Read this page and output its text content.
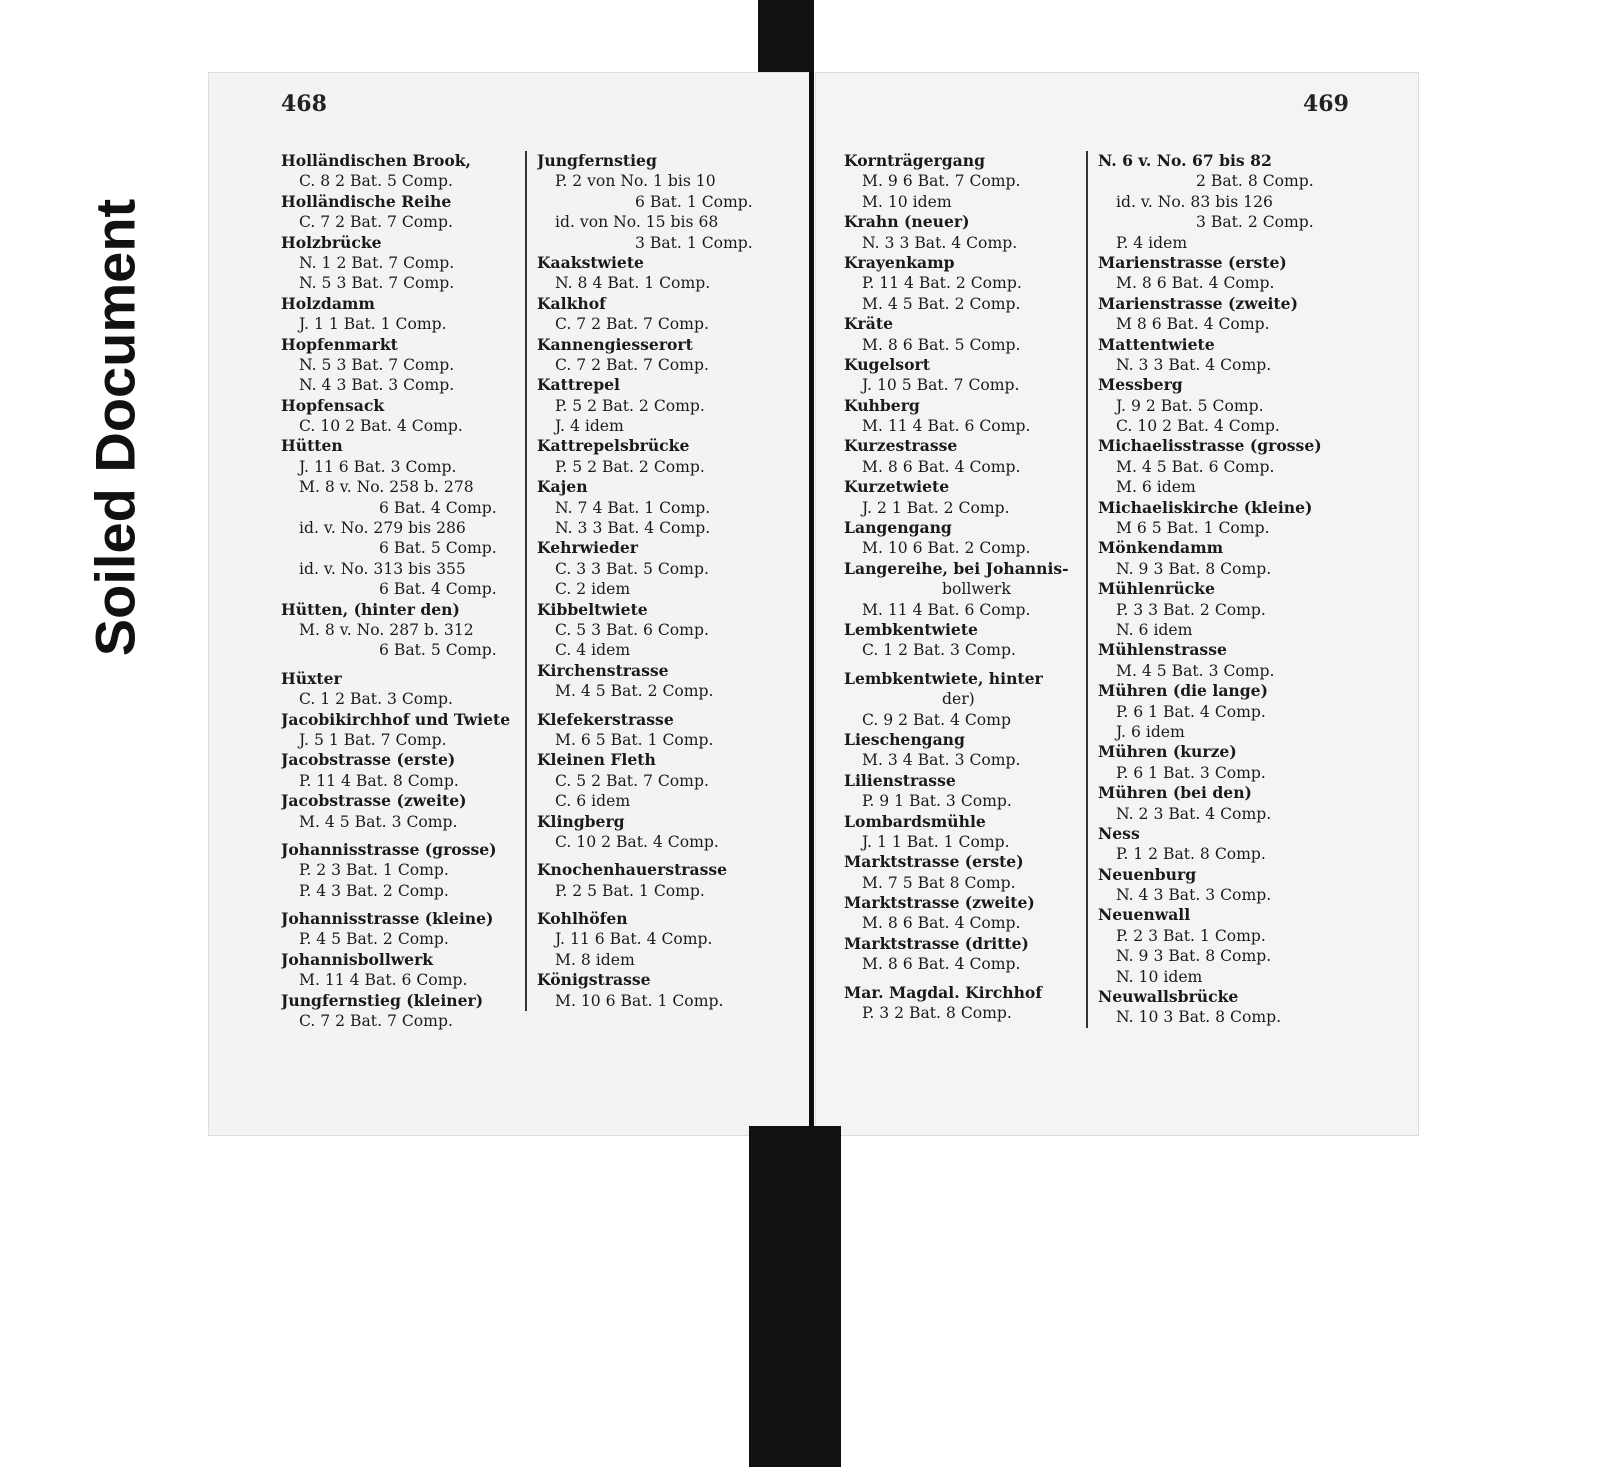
Soiled Document
468
Holländischen Brook,
C. 8 2 Bat. 5 Comp.
Holländische Reihe
C. 7 2 Bat. 7 Comp.
Holzbrücke
N. 1 2 Bat. 7 Comp.
N. 5 3 Bat. 7 Comp.
Holzdamm
J. 1 1 Bat. 1 Comp.
Hopfenmarkt
N. 5 3 Bat. 7 Comp.
N. 4 3 Bat. 3 Comp.
Hopfensack
C. 10 2 Bat. 4 Comp.
Hütten
J. 11 6 Bat. 3 Comp.
M. 8 v. No. 258 b. 278
6 Bat. 4 Comp.
id. v. No. 279 bis 286
6 Bat. 5 Comp.
id. v. No. 313 bis 355
6 Bat. 4 Comp.
Hütten, (hinter den)
M. 8 v. No. 287 b. 312
6 Bat. 5 Comp.
Hüxter
C. 1 2 Bat. 3 Comp.
Jacobikirchhof und Twiete
J. 5 1 Bat. 7 Comp.
Jacobstrasse (erste)
P. 11 4 Bat. 8 Comp.
Jacobstrasse (zweite)
M. 4 5 Bat. 3 Comp.
Johannisstrasse (grosse)
P. 2 3 Bat. 1 Comp.
P. 4 3 Bat. 2 Comp.
Johannisstrasse (kleine)
P. 4 5 Bat. 2 Comp.
Johannisbollwerk
M. 11 4 Bat. 6 Comp.
Jungfernstieg (kleiner)
C. 7 2 Bat. 7 Comp.
Jungfernstieg
P. 2 von No. 1 bis 10
6 Bat. 1 Comp.
id. von No. 15 bis 68
3 Bat. 1 Comp.
Kaakstwiete
N. 8 4 Bat. 1 Comp.
Kalkhof
C. 7 2 Bat. 7 Comp.
Kannengiesserort
C. 7 2 Bat. 7 Comp.
Kattrepel
P. 5 2 Bat. 2 Comp.
J. 4 idem
Kattrepelsbrücke
P. 5 2 Bat. 2 Comp.
Kajen
N. 7 4 Bat. 1 Comp.
N. 3 3 Bat. 4 Comp.
Kehrwieder
C. 3 3 Bat. 5 Comp.
C. 2 idem
Kibbeltwiete
C. 5 3 Bat. 6 Comp.
C. 4 idem
Kirchenstrasse
M. 4 5 Bat. 2 Comp.
Klefekerstrasse
M. 6 5 Bat. 1 Comp.
Kleinen Fleth
C. 5 2 Bat. 7 Comp.
C. 6 idem
Klingberg
C. 10 2 Bat. 4 Comp.
Knochenhauerstrasse
P. 2 5 Bat. 1 Comp.
Kohlhöfen
J. 11 6 Bat. 4 Comp.
M. 8 idem
Königstrasse
M. 10 6 Bat. 1 Comp.
469
Kornträgergang
M. 9 6 Bat. 7 Comp.
M. 10 idem
Krahn (neuer)
N. 3 3 Bat. 4 Comp.
Krayenkamp
P. 11 4 Bat. 2 Comp.
M. 4 5 Bat. 2 Comp.
Kräte
M. 8 6 Bat. 5 Comp.
Kugelsort
J. 10 5 Bat. 7 Comp.
Kuhberg
M. 11 4 Bat. 6 Comp.
Kurzestrasse
M. 8 6 Bat. 4 Comp.
Kurzetwiete
J. 2 1 Bat. 2 Comp.
Langengang
M. 10 6 Bat. 2 Comp.
Langereihe, bei Johannis-
bollwerk
M. 11 4 Bat. 6 Comp.
Lembkentwiete
C. 1 2 Bat. 3 Comp.
Lembkentwiete, hinter
der)
C. 9 2 Bat. 4 Comp
Lieschengang
M. 3 4 Bat. 3 Comp.
Lilienstrasse
P. 9 1 Bat. 3 Comp.
Lombardsmühle
J. 1 1 Bat. 1 Comp.
Marktstrasse (erste)
M. 7 5 Bat 8 Comp.
Marktstrasse (zweite)
M. 8 6 Bat. 4 Comp.
Marktstrasse (dritte)
M. 8 6 Bat. 4 Comp.
Mar. Magdal. Kirchhof
P. 3 2 Bat. 8 Comp.
N. 6 v. No. 67 bis 82
2 Bat. 8 Comp.
id. v. No. 83 bis 126
3 Bat. 2 Comp.
P. 4 idem
Marienstrasse (erste)
M. 8 6 Bat. 4 Comp.
Marienstrasse (zweite)
M 8 6 Bat. 4 Comp.
Mattentwiete
N. 3 3 Bat. 4 Comp.
Messberg
J. 9 2 Bat. 5 Comp.
C. 10 2 Bat. 4 Comp.
Michaelisstrasse (grosse)
M. 4 5 Bat. 6 Comp.
M. 6 idem
Michaeliskirche (kleine)
M 6 5 Bat. 1 Comp.
Mönkendamm
N. 9 3 Bat. 8 Comp.
Mühlenrücke
P. 3 3 Bat. 2 Comp.
N. 6 idem
Mühlenstrasse
M. 4 5 Bat. 3 Comp.
Mühren (die lange)
P. 6 1 Bat. 4 Comp.
J. 6 idem
Mühren (kurze)
P. 6 1 Bat. 3 Comp.
Mühren (bei den)
N. 2 3 Bat. 4 Comp.
Ness
P. 1 2 Bat. 8 Comp.
Neuenburg
N. 4 3 Bat. 3 Comp.
Neuenwall
P. 2 3 Bat. 1 Comp.
N. 9 3 Bat. 8 Comp.
N. 10 idem
Neuwallsbrücke
N. 10 3 Bat. 8 Comp.
